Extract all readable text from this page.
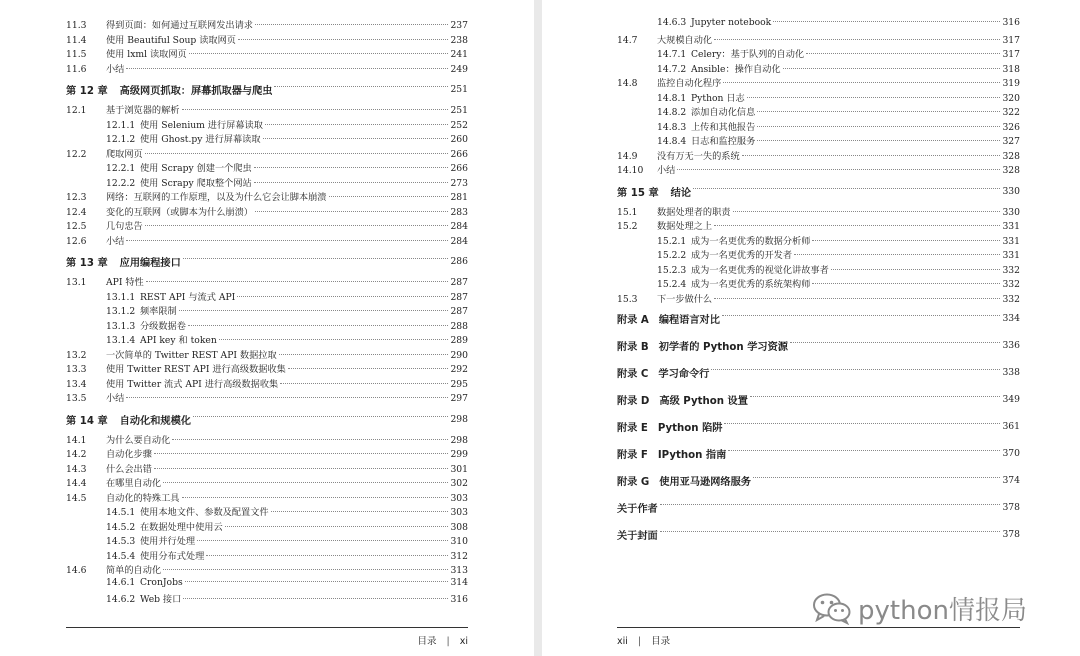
11.3	得到页面：如何通过互联网发出请求	237
11.4	使用 Beautiful Soup 读取网页	238
11.5	使用 lxml 读取网页	241
11.6	小结	249
第 12 章 高级网页抓取：屏幕抓取器与爬虫	251
12.1	基于浏览器的解析	251
12.1.1 使用 Selenium 进行屏幕读取	252
12.1.2 使用 Ghost.py 进行屏幕读取	260
12.2	爬取网页	266
12.2.1 使用 Scrapy 创建一个爬虫	266
12.2.2 使用 Scrapy 爬取整个网站	273
12.3	网络：互联网的工作原理，以及为什么它会让脚本崩溃	281
12.4	变化的互联网（或脚本为什么崩溃）	283
12.5	几句忠告	284
12.6	小结	284
第 13 章 应用编程接口	286
13.1	API 特性	287
13.1.1 REST API 与流式 API	287
13.1.2 频率限制	287
13.1.3 分级数据卷	288
13.1.4 API key 和 token	289
13.2	一次简单的 Twitter REST API 数据拉取	290
13.3	使用 Twitter REST API 进行高级数据收集	292
13.4	使用 Twitter 流式 API 进行高级数据收集	295
13.5	小结	297
第 14 章 自动化和规模化	298
14.1	为什么要自动化	298
14.2	自动化步骤	299
14.3	什么会出错	301
14.4	在哪里自动化	302
14.5	自动化的特殊工具	303
14.5.1 使用本地文件、参数及配置文件	303
14.5.2 在数据处理中使用云	308
14.5.3 使用并行处理	310
14.5.4 使用分布式处理	312
14.6	简单的自动化	313
14.6.1 CronJobs	314
14.6.2 Web 接口	316
目录 | xi
14.6.3 Jupyter notebook	316
14.7	大规模自动化	317
14.7.1 Celery：基于队列的自动化	317
14.7.2 Ansible：操作自动化	318
14.8	监控自动化程序	319
14.8.1 Python 日志	320
14.8.2 添加自动化信息	322
14.8.3 上传和其他报告	326
14.8.4 日志和监控服务	327
14.9	没有万无一失的系统	328
14.10	小结	328
第 15 章 结论	330
15.1	数据处理者的职责	330
15.2	数据处理之上	331
15.2.1 成为一名更优秀的数据分析师	331
15.2.2 成为一名更优秀的开发者	331
15.2.3 成为一名更优秀的视觉化讲故事者	332
15.2.4 成为一名更优秀的系统架构师	332
15.3	下一步做什么	332
附录 A 编程语言对比	334
附录 B 初学者的 Python 学习资源	336
附录 C 学习命令行	338
附录 D 高级 Python 设置	349
附录 E Python 陷阱	361
附录 F IPython 指南	370
附录 G 使用亚马逊网络服务	374
关于作者	378
关于封面	378
xii | 目录
python情报局
